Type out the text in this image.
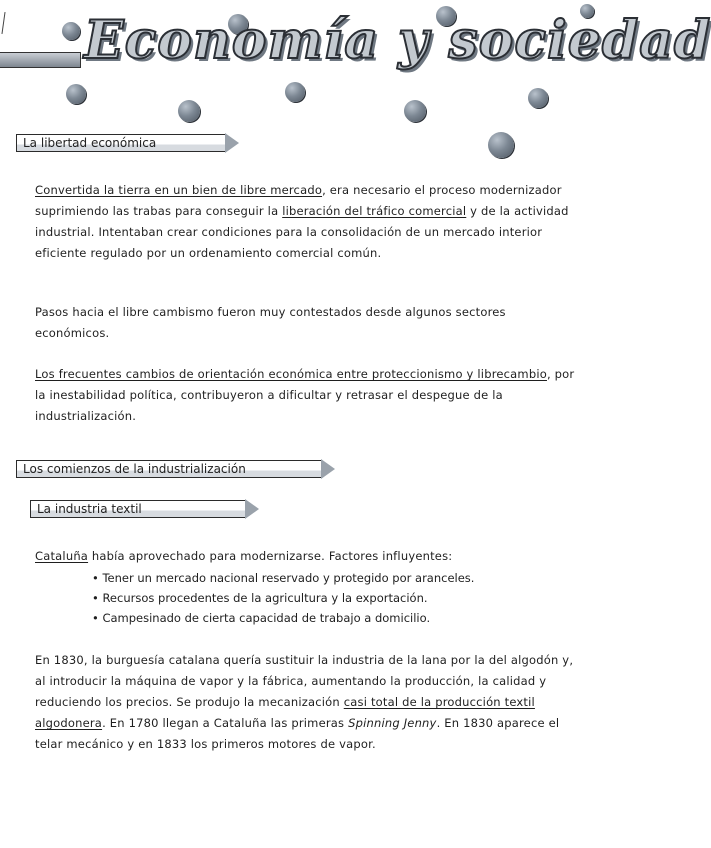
Economía y sociedad
La libertad económica
Convertida la tierra en un bien de libre mercado, era necesario el proceso modernizador suprimiendo las trabas para conseguir la liberación del tráfico comercial y de la actividad industrial. Intentaban crear condiciones para la consolidación de un mercado interior eficiente regulado por un ordenamiento comercial común.
Pasos hacia el libre cambismo fueron muy contestados desde algunos sectores económicos.
Los frecuentes cambios de orientación económica entre proteccionismo y librecambio, por la inestabilidad política, contribuyeron a dificultar y retrasar el despegue de la industrialización.
Los comienzos de la industrialización
La industria textil
Cataluña había aprovechado para modernizarse. Factores influyentes:
• Tener un mercado nacional reservado y protegido por aranceles.
• Recursos procedentes de la agricultura y la exportación.
• Campesinado de cierta capacidad de trabajo a domicilio.
En 1830, la burguesía catalana quería sustituir la industria de la lana por la del algodón y, al introducir la máquina de vapor y la fábrica, aumentando la producción, la calidad y reduciendo los precios. Se produjo la mecanización casi total de la producción textil algodonera. En 1780 llegan a Cataluña las primeras Spinning Jenny. En 1830 aparece el telar mecánico y en 1833 los primeros motores de vapor.
